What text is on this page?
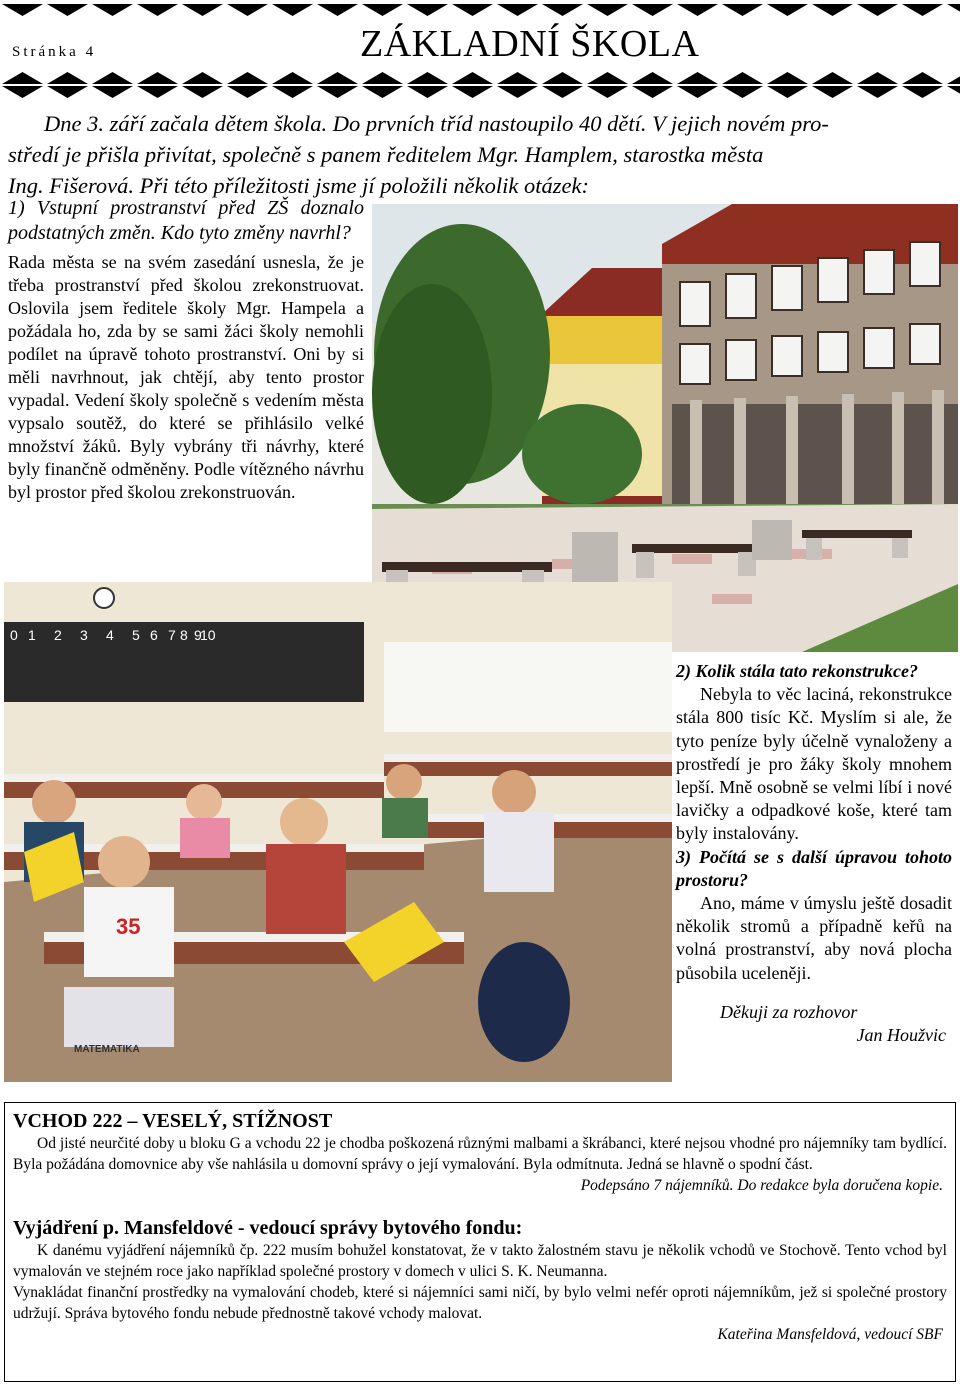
Stránka 4	ZÁKLADNÍ ŠKOLA

Dne 3. září začala dětem škola. Do prvních tříd nastoupilo 40 dětí. V jejich novém pro-

středí je přišla přivítat, společně s panem ředitelem Mgr. Hamplem, starostka města

Ing. Fišerová. Při této příležitosti jsme jí položili několik otázek:

1) Vstupní prostranství před ZŠ doznalo podstatných změn. Kdo tyto změny navrhl?

Rada města se na svém zasedání usnesla, že je třeba prostranství před školou zrekonstruovat. Oslovila jsem ředitele školy Mgr. Hampela a požádala ho, zda by se sami žáci školy nemohli podílet na úpravě tohoto prostranství. Oni by si měli navrhnout, jak chtějí, aby tento prostor vypadal. Vedení školy společně s vedením města vypsalo soutěž, do které se přihlásilo velké množství žáků. Byly vybrány tři návrhy, které byly finančně odměněny. Podle vítězného návrhu byl prostor před školou zrekonstruován.

0 1 2 3 4 5 6 7 8 9
10
35
MATEMATIKA

2) Kolik stála tato rekonstrukce?

Nebyla to věc laciná, rekonstrukce stála 800 tisíc Kč. Myslím si ale, že tyto peníze byly účelně vynaloženy a prostředí je pro žáky školy mnohem lepší. Mně osobně se velmi líbí i nové lavičky a odpadkové koše, které tam byly instalovány.

3) Počítá se s další úpravou tohoto prostoru?

Ano, máme v úmyslu ještě dosadit několik stromů a případně keřů na volná prostranství, aby nová plocha působila uceleněji.

Děkuji za rozhovor

Jan Houžvic

VCHOD 222 – VESELÝ, STÍŽNOST

Od jisté neurčité doby u bloku G a vchodu 22 je chodba poškozená různými malbami a škrábanci, které nejsou vhodné pro nájemníky tam bydlící. Byla požádána domovnice aby vše nahlásila u domovní správy o její vymalování. Byla odmítnuta. Jedná se hlavně o spodní část.

Podepsáno 7 nájemníků. Do redakce byla doručena kopie.

Vyjádření p. Mansfeldové - vedoucí správy bytového fondu:

K danému vyjádření nájemníků čp. 222 musím bohužel konstatovat, že v takto žalostném stavu je několik vchodů ve Stochově. Tento vchod byl vymalován ve stejném roce jako například společné prostory v domech v ulici S. K. Neumanna.

Vynakládat finanční prostředky na vymalování chodeb, které si nájemníci sami ničí, by bylo velmi nefér oproti nájemníkům, jež si společné prostory udržují. Správa bytového fondu nebude přednostně takové vchody malovat.

Kateřina Mansfeldová, vedoucí SBF
